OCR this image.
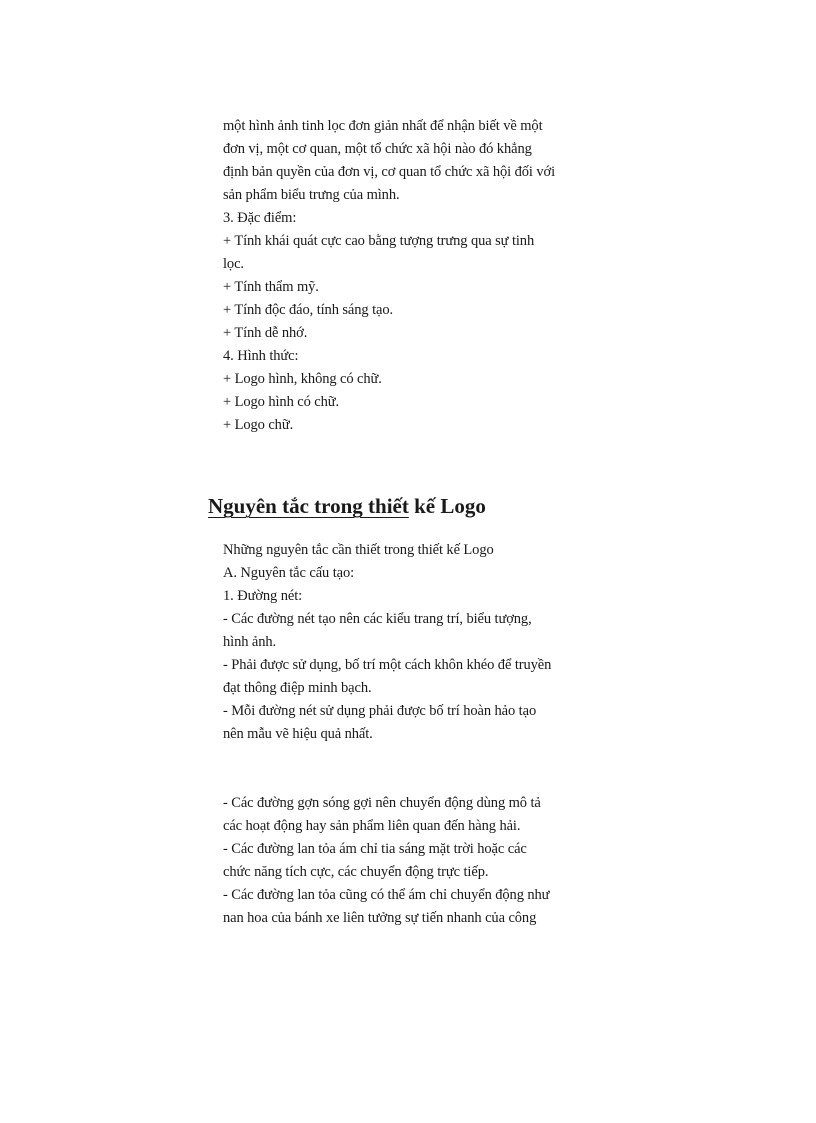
một hình ảnh tinh lọc đơn giản nhất để nhận biết về một
đơn vị, một cơ quan, một tổ chức xã hội nào đó khẳng
định bản quyền của đơn vị, cơ quan tổ chức xã hội đối với
sản phẩm biểu trưng của mình.
3. Đặc điểm:
+ Tính khái quát cực cao bằng tượng trưng qua sự tinh
lọc.
+ Tính thẩm mỹ.
+ Tính độc đáo, tính sáng tạo.
+ Tính dễ nhớ.
4. Hình thức:
+ Logo hình, không có chữ.
+ Logo hình có chữ.
+ Logo chữ.
Nguyên tắc trong thiết kế Logo
Những nguyên tắc cần thiết trong thiết kế Logo
A. Nguyên tắc cấu tạo:
1. Đường nét:
- Các đường nét tạo nên các kiểu trang trí, biểu tượng,
hình ảnh.
- Phải được sử dụng, bố trí một cách khôn khéo để truyền
đạt thông điệp minh bạch.
- Mỗi đường nét sử dụng phải được bố trí hoàn hảo tạo
nên mẫu vẽ hiệu quả nhất.
- Các đường gợn sóng gợi nên chuyển động dùng mô tả
các hoạt động hay sản phẩm liên quan đến hàng hải.
- Các đường lan tỏa ám chỉ tia sáng mặt trời hoặc các
chức năng tích cực, các chuyển động trực tiếp.
- Các đường lan tỏa cũng có thể ám chỉ chuyển động như
nan hoa của bánh xe liên tưởng sự tiến nhanh của công
